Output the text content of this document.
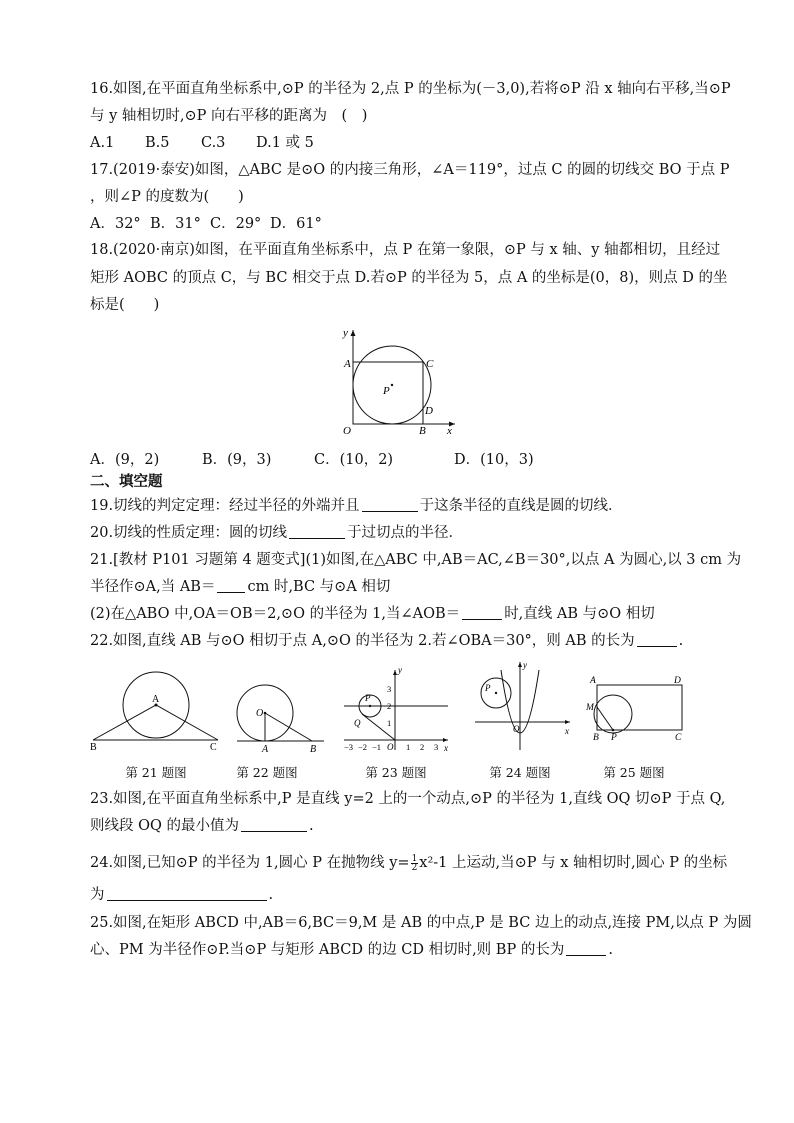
16.如图,在平面直角坐标系中,⊙P 的半径为 2,点 P 的坐标为(－3,0),若将⊙P 沿 x 轴向右平移,当⊙P
与 y 轴相切时,⊙P 向右平移的距离为　(　)
A.1 B.5 C.3 D.1 或 5
17.(2019·泰安)如图，△ABC 是⊙O 的内接三角形，∠A＝119°，过点 C 的圆的切线交 BO 于点 P
，则∠P 的度数为(　　)
A．32° B．31° C．29° D．61°
18.(2020·南京)如图，在平面直角坐标系中，点 P 在第一象限，⊙P 与 x 轴、y 轴都相切，且经过
矩形 AOBC 的顶点 C，与 BC 相交于点 D.若⊙P 的半径为 5，点 A 的坐标是(0，8)，则点 D 的坐
标是(　　)
y
A	C
P
D
O	B x
A．(9，2)	B．(9，3)	C．(10，2)	D．(10，3)
二、填空题
19.切线的判定定理：经过半径的外端并且	于这条半径的直线是圆的切线．
20.切线的性质定理：圆的切线	于过切点的半径．
21.[教材 P101 习题第 4 题变式](1)如图,在△ABC 中,AB＝AC,∠B＝30°,以点 A 为圆心,以 3 cm 为
半径作⊙A,当 AB＝ cm 时,BC 与⊙A 相切
(2)在△ABO 中,OA＝OB＝2,⊙O 的半径为 1,当∠AOB＝	时,直线 AB 与⊙O 相切
22.如图,直线 AB 与⊙O 相切于点 A,⊙O 的半径为 2.若∠OBA＝30°，则 AB 的长为	.
A
B	C
第 21 题图
O
A	B
第 22 题图
P
Q
y
x
O
3
2
1
−3 −2 −1	1 2 3
第 23 题图
P
y
x
O
第 24 题图
A	D
M
B P	C
第 25 题图
23.如图,在平面直角坐标系中,P 是直线 y=2 上的一个动点,⊙P 的半径为 1,直线 OQ 切⊙P 于点 Q,
则线段 OQ 的最小值为	.
24.如图,已知⊙P 的半径为 1,圆心 P 在抛物线 $y= \frac{1}{2} x^2-1$ 上运动,当⊙P 与 x 轴相切时,圆心 P 的坐标
为	.
25.如图,在矩形 ABCD 中,AB＝6,BC＝9,M 是 AB 的中点,P 是 BC 边上的动点,连接 PM,以点 P 为圆
心、PM 为半径作⊙P.当⊙P 与矩形 ABCD 的边 CD 相切时,则 BP 的长为	.
